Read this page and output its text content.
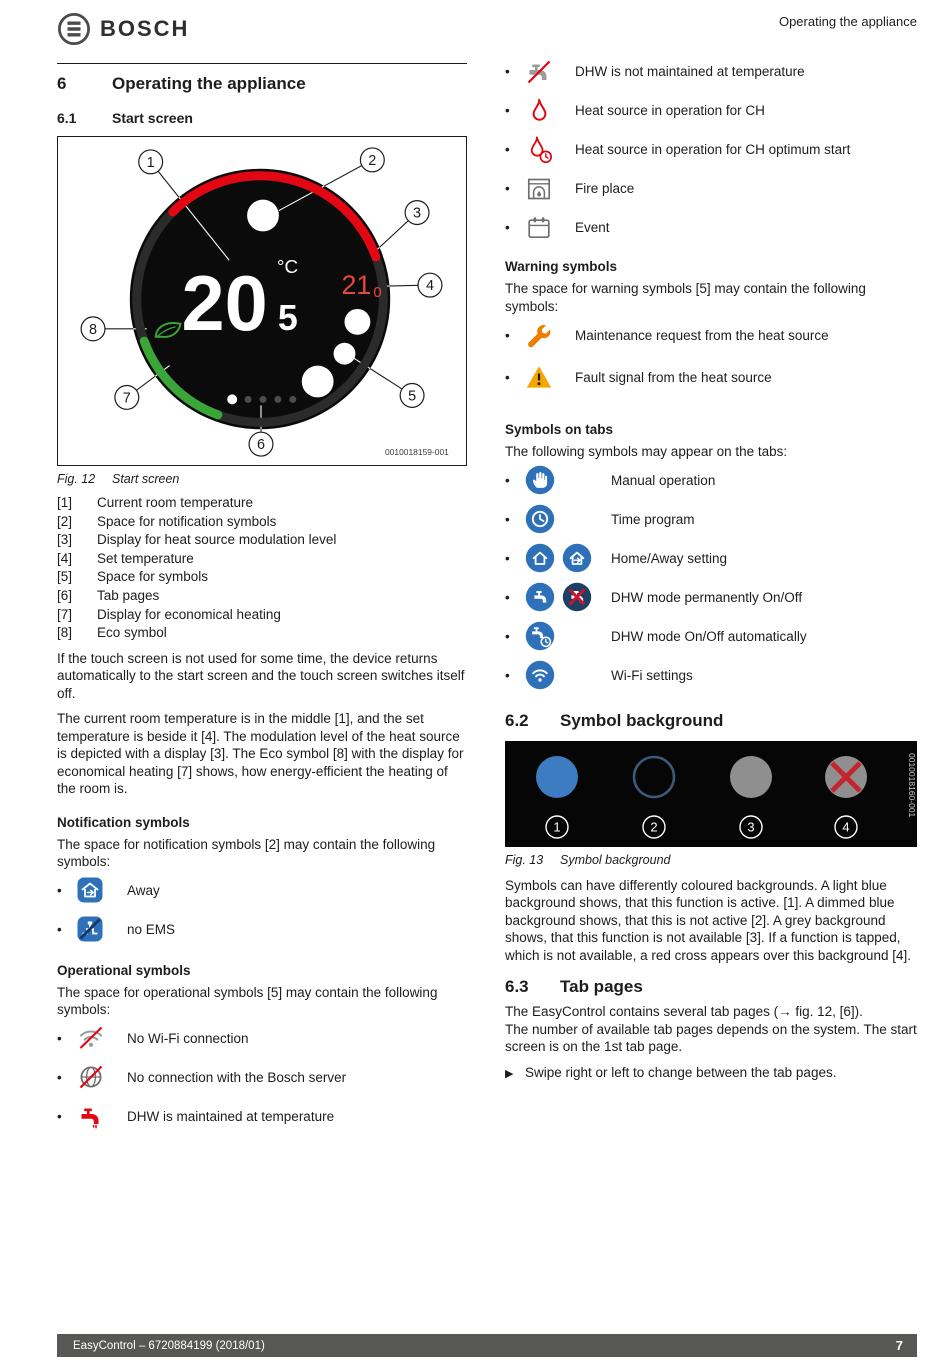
BOSCH	Operating the appliance
6	Operating the appliance
6.1	Start screen
20 °C
5
21 0
1	2
3
4
5
6
7
8
0010018159-001
Fig. 12	Start screen
[1]	Current room temperature
[2]	Space for notification symbols
[3]	Display for heat source modulation level
[4]	Set temperature
[5]	Space for symbols
[6]	Tab pages
[7]	Display for economical heating
[8]	Eco symbol

If the touch screen is not used for some time, the device returns automatically to the start screen and the touch screen switches itself off.

The current room temperature is in the middle [1], and the set temperature is beside it [4]. The modulation level of the heat source is depicted with a display [3]. The Eco symbol [8] with the display for economical heating [7] shows, how energy-efficient the heating of the room is.

Notification symbols

The space for notification symbols [2] may contain the following symbols:

•	Away
•	no EMS
Operational symbols

The space for operational symbols [5] may contain the following symbols:

•	No Wi-Fi connection
•	No connection with the Bosch server
•	DHW is maintained at temperature
•	DHW is not maintained at temperature
•	Heat source in operation for CH
•	Heat source in operation for CH optimum start
•	Fire place
•	Event
Warning symbols

The space for warning symbols [5] may contain the following symbols:

•	Maintenance request from the heat source
•	Fault signal from the heat source
Symbols on tabs

The following symbols may appear on the tabs:

•	Manual operation
•	Time program
•	Home/Away setting
•	DHW mode permanently On/Off
•	DHW mode On/Off automatically
•	Wi-Fi settings
6.2	Symbol background
1	2	3	4
0010018160-001
Fig. 13	Symbol background

Symbols can have differently coloured backgrounds. A light blue background shows, that this function is active. [1]. A dimmed blue background shows, that this is not active [2]. A grey background shows, that this function is not available [3]. If a function is tapped, which is not available, a red cross appears over this background [4].

6.3	Tab pages

The EasyControl contains several tab pages (→ fig. 12, [6]).

The number of available tab pages depends on the system. The start screen is on the 1st tab page.

▶ Swipe right or left to change between the tab pages.
EasyControl – 6720884199 (2018/01)	7
